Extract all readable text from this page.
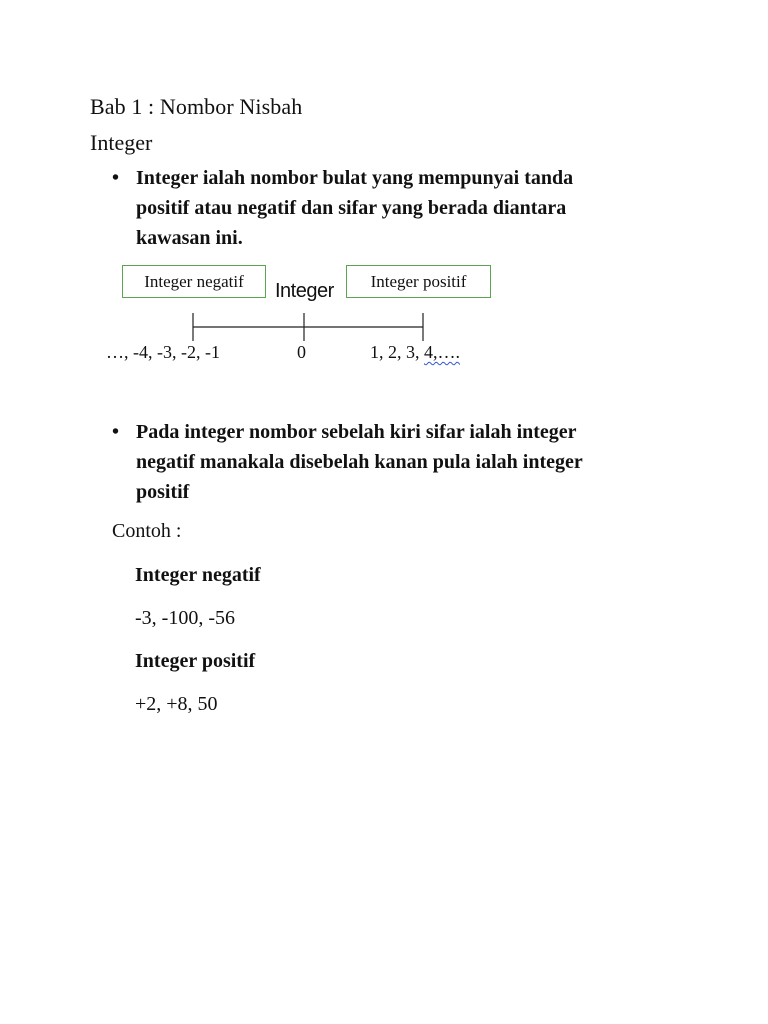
Bab 1 : Nombor Nisbah
Integer
• Integer ialah nombor bulat yang mempunyai tanda
positif atau negatif dan sifar yang berada diantara
kawasan ini.
Integer negatif	Integer positif
Integer
…, -4, -3, -2, -1	0	1, 2, 3, 4,….
• Pada integer nombor sebelah kiri sifar ialah integer
negatif manakala disebelah kanan pula ialah integer
positif
Contoh :
Integer negatif
-3, -100, -56
Integer positif
+2, +8, 50
